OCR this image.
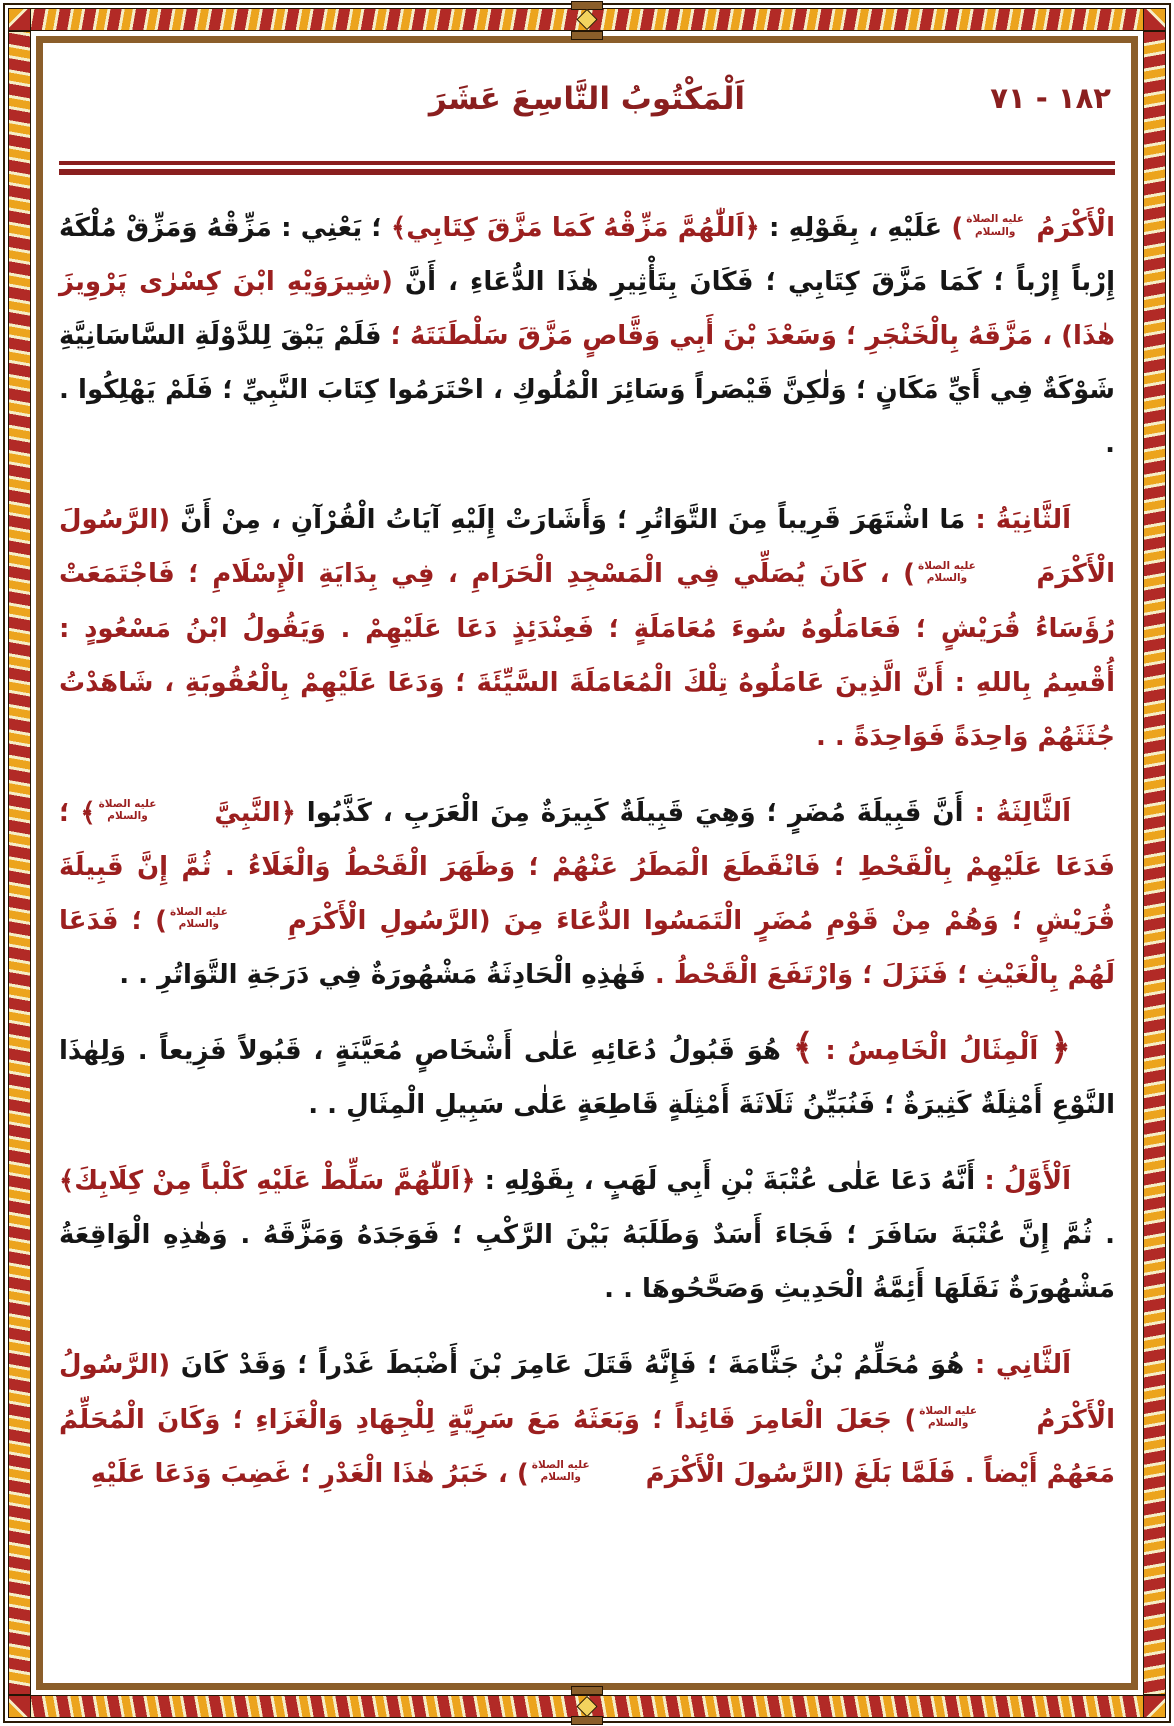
١٨٢ - ٧١
اَلْمَكْتُوبُ التَّاسِعَ عَشَرَ

الْأَكْرَمُ
عليه الصلاة
والسلام
) عَلَيْهِ ، بِقَوْلِهِ : ﴿اَللّٰهُمَّ مَزِّقْهُ كَمَا مَزَّقَ كِتَابِي﴾ ؛ يَعْنِي : مَزِّقْهُ وَمَزِّقْ مُلْكَهُ إِرْباً إِرْباً ؛ كَمَا مَزَّقَ كِتَابِي ؛ فَكَانَ بِتَأْثِيرِ هٰذَا الدُّعَاءِ ، أَنَّ (شِيرَوَيْهِ ابْنَ كِسْرٰى پَرْوِيزَ هٰذَا) ، مَزَّقَهُ بِالْخَنْجَرِ ؛ وَسَعْدَ بْنَ أَبِي وَقَّاصٍ مَزَّقَ سَلْطَنَتَهُ ؛ فَلَمْ يَبْقَ لِلدَّوْلَةِ السَّاسَانِيَّةِ شَوْكَةٌ فِي أَيِّ مَكَانٍ ؛ وَلٰكِنَّ قَيْصَراً وَسَائِرَ الْمُلُوكِ ، احْتَرَمُوا كِتَابَ النَّبِيِّ ؛ فَلَمْ يَهْلِكُوا . .

اَلثَّانِيَةُ : مَا اشْتَهَرَ قَرِيباً مِنَ التَّوَاتُرِ ؛ وَأَشَارَتْ إِلَيْهِ آيَاتُ الْقُرْآنِ ، مِنْ أَنَّ (الرَّسُولَ الْأَكْرَمَ
عليه الصلاة
والسلام
) ، كَانَ يُصَلِّي فِي الْمَسْجِدِ الْحَرَامِ ، فِي بِدَايَةِ الْإِسْلَامِ ؛ فَاجْتَمَعَتْ رُؤَسَاءُ قُرَيْشٍ ؛ فَعَامَلُوهُ سُوءَ مُعَامَلَةٍ ؛ فَعِنْدَئِذٍ دَعَا عَلَيْهِمْ . وَيَقُولُ ابْنُ مَسْعُودٍ : أُقْسِمُ بِاللهِ : أَنَّ الَّذِينَ عَامَلُوهُ تِلْكَ الْمُعَامَلَةَ السَّيِّئَةَ ؛ وَدَعَا عَلَيْهِمْ بِالْعُقُوبَةِ ، شَاهَدْتُ جُثَثَهُمْ وَاحِدَةً فَوَاحِدَةً . .

اَلثَّالِثَةُ : أَنَّ قَبِيلَةَ مُضَرٍ ؛ وَهِيَ قَبِيلَةٌ كَبِيرَةٌ مِنَ الْعَرَبِ ، كَذَّبُوا ﴿النَّبِيَّ
عليه الصلاة
والسلام
﴾ ؛ فَدَعَا عَلَيْهِمْ بِالْقَحْطِ ؛ فَانْقَطَعَ الْمَطَرُ عَنْهُمْ ؛ وَظَهَرَ الْقَحْطُ وَالْغَلَاءُ . ثُمَّ إِنَّ قَبِيلَةَ قُرَيْشٍ ؛ وَهُمْ مِنْ قَوْمِ مُضَرٍ الْتَمَسُوا الدُّعَاءَ مِنَ (الرَّسُولِ الْأَكْرَمِ
عليه الصلاة
والسلام
) ؛ فَدَعَا لَهُمْ بِالْغَيْثِ ؛ فَنَزَلَ ؛ وَارْتَفَعَ الْقَحْطُ . فَهٰذِهِ الْحَادِثَةُ مَشْهُورَةٌ فِي دَرَجَةِ التَّوَاتُرِ . .

﴿ اَلْمِثَالُ الْخَامِسُ : ﴾ هُوَ قَبُولُ دُعَائِهِ عَلٰى أَشْخَاصٍ مُعَيَّنَةٍ ، قَبُولاً فَزِيعاً . وَلِهٰذَا النَّوْعِ أَمْثِلَةٌ كَثِيرَةٌ ؛ فَنُبَيِّنُ ثَلَاثَةَ أَمْثِلَةٍ قَاطِعَةٍ عَلٰى سَبِيلِ الْمِثَالِ . .

اَلْأَوَّلُ : أَنَّهُ دَعَا عَلٰى عُتْبَةَ بْنِ أَبِي لَهَبٍ ، بِقَوْلِهِ : ﴿اَللّٰهُمَّ سَلِّطْ عَلَيْهِ كَلْباً مِنْ كِلَابِكَ﴾ . ثُمَّ إِنَّ عُتْبَةَ سَافَرَ ؛ فَجَاءَ أَسَدٌ وَطَلَبَهُ بَيْنَ الرَّكْبِ ؛ فَوَجَدَهُ وَمَزَّقَهُ . وَهٰذِهِ الْوَاقِعَةُ مَشْهُورَةٌ نَقَلَهَا أَئِمَّةُ الْحَدِيثِ وَصَحَّحُوهَا . .

اَلثَّانِي : هُوَ مُحَلِّمُ بْنُ جَثَّامَةَ ؛ فَإِنَّهُ قَتَلَ عَامِرَ بْنَ أَضْبَطَ غَدْراً ؛ وَقَدْ كَانَ (الرَّسُولُ الْأَكْرَمُ
عليه الصلاة
والسلام
) جَعَلَ الْعَامِرَ قَائِداً ؛ وَبَعَثَهُ مَعَ سَرِيَّةٍ لِلْجِهَادِ وَالْغَزَاءِ ؛ وَكَانَ الْمُحَلِّمُ مَعَهُمْ أَيْضاً . فَلَمَّا بَلَغَ (الرَّسُولَ الْأَكْرَمَ
عليه الصلاة
والسلام
) ، خَبَرُ هٰذَا الْغَدْرِ ؛ غَضِبَ وَدَعَا عَلَيْهِ
